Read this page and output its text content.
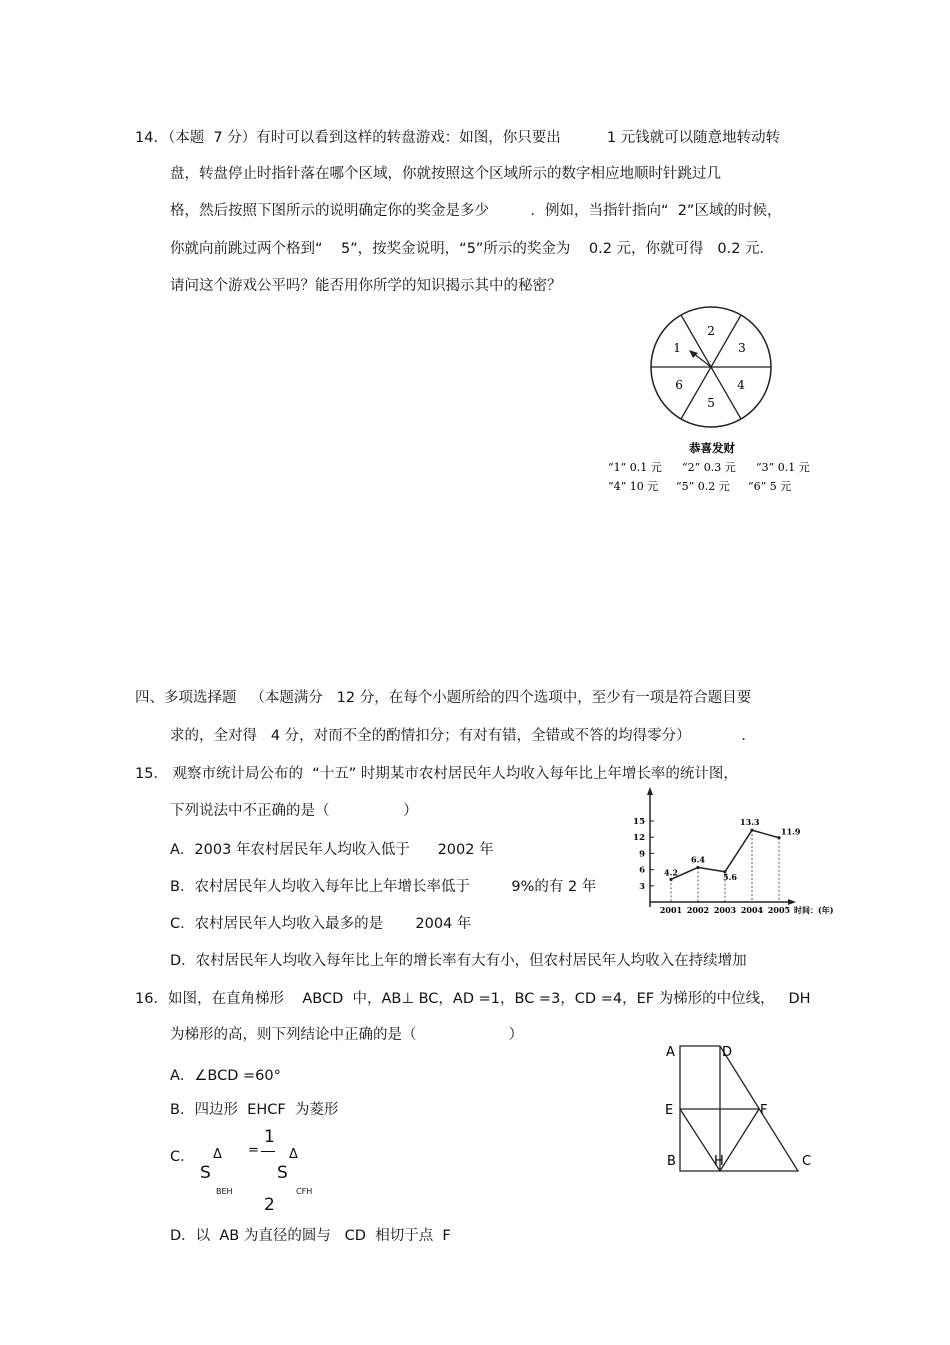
14．（本题  7 分）有时可以看到这样的转盘游戏：如图，你只要出          1 元钱就可以随意地转动转
盘，转盘停止时指针落在哪个区域，你就按照这个区域所示的数字相应地顺时针跳过几
格，然后按照下图所示的说明确定你的奖金是多少         ．例如，当指针指向“  2”区域的时候，
你就向前跳过两个格到“    5”，按奖金说明，“5”所示的奖金为    0.2 元，你就可得   0.2 元．
请问这个游戏公平吗？能否用你所学的知识揭示其中的秘密？
1
2
3
4
5
6
恭喜发财
“1” 0.1 元 “2” 0.3 元 “3” 0.1 元
“4” 10 元 “5” 0.2 元 “6” 5 元
四、多项选择题   （本题满分   12 分，在每个小题所给的四个选项中，至少有一项是符合题目要
求的，全对得   4 分，对而不全的酌情扣分；有对有错，全错或不答的均得零分）           ．
15． 观察市统计局公布的  “十五” 时期某市农村居民年人均收入每年比上年增长率的统计图，
下列说法中不正确的是（                ）
A．2003 年农村居民年人均收入低于      2002 年
B．农村居民年人均收入每年比上年增长率低于         9%的有 2 年
C．农村居民年人均收入最多的是       2004 年
D．农村居民年人均收入每年比上年的增长率有大有小，但农村居民年人均收入在持续增加
3
6
9
12
15
4.2
6.4
5.6
13.3
11.9
2001 2002 2003 2004 2005 时间：(年)
16．如图，在直角梯形    ABCD  中，AB⊥ BC，AD =1，BC =3，CD =4，EF 为梯形的中位线，   DH
为梯形的高，则下列结论中正确的是（                    ）
A．∠BCD =60°
B．四边形  EHCF  为菱形
C． Δ
S
BEH
=
1
2
Δ
S
CFH
D．以  AB 为直径的圆与   CD  相切于点  F
A	D
E	F
B	H	C
